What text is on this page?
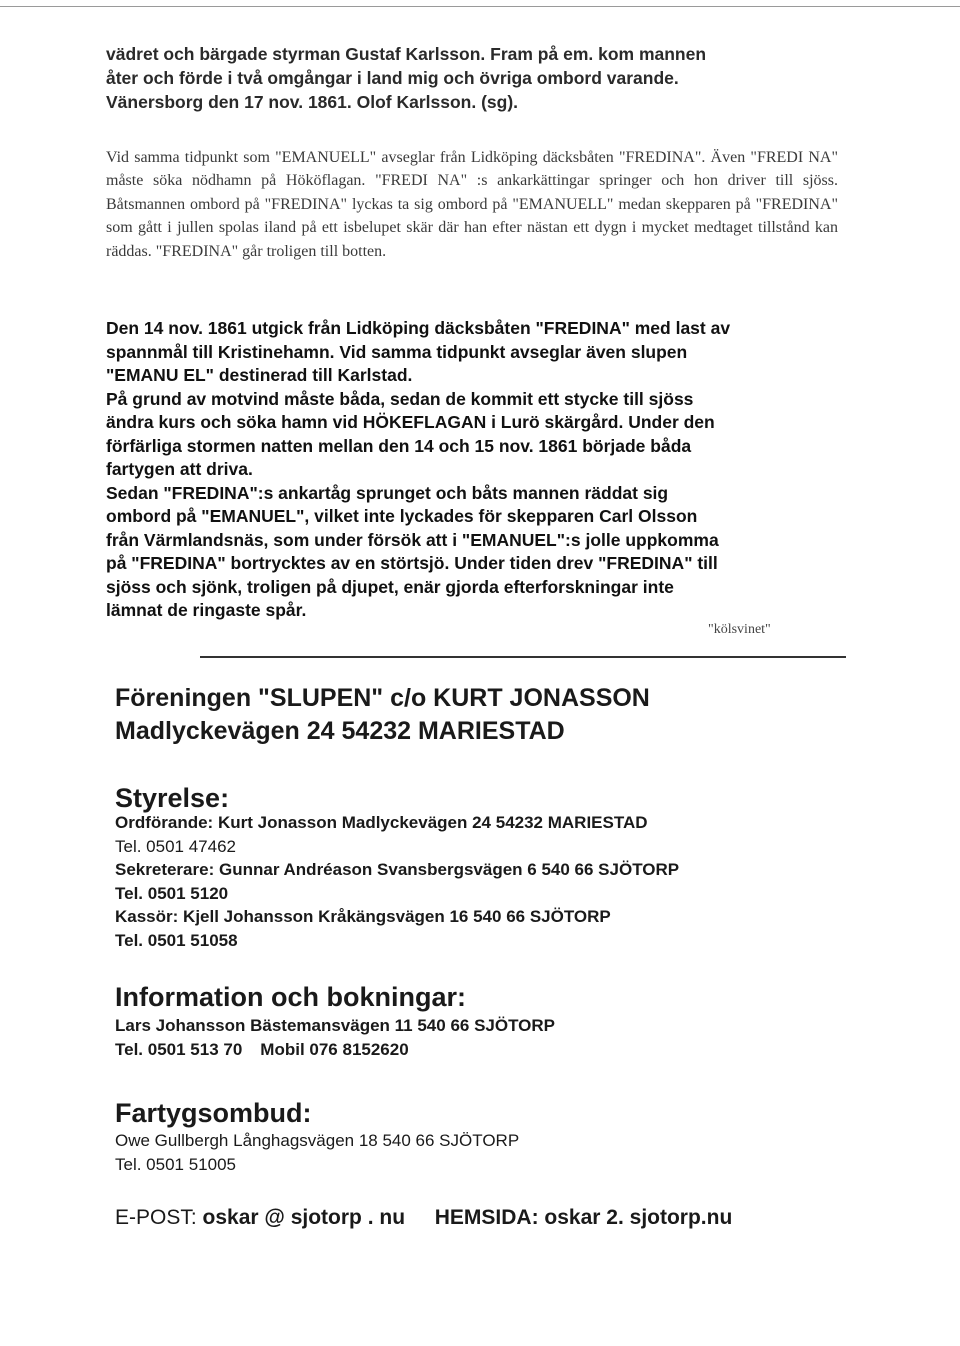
vädret och bärgade styrman Gustaf Karlsson. Fram på em. kom mannen
åter och förde i två omgångar i land mig och övriga ombord varande.
Vänersborg den 17 nov. 1861. Olof Karlsson. (sg).

Vid samma tidpunkt som "EMANUELL" avseglar från Lidköping däcksbåten "FREDINA". Även "FREDI NA" måste söka nödhamn på Hököflagan. "FREDI NA" :s ankarkättingar springer och hon driver till sjöss. Båtsmannen ombord på "FREDINA" lyckas ta sig ombord på "EMANUELL" medan skepparen på "FREDINA" som gått i jullen spolas iland på ett isbelupet skär där han efter nästan ett dygn i mycket medtaget tillstånd kan räddas. "FREDINA" går troligen till botten.

Den 14 nov. 1861 utgick från Lidköping däcksbåten "FREDINA" med last av
spannmål till Kristinehamn. Vid samma tidpunkt avseglar även slupen
"EMANU EL" destinerad till Karlstad.
På grund av motvind måste båda, sedan de kommit ett stycke till sjöss
ändra kurs och söka hamn vid HÖKEFLAGAN i Lurö skärgård. Under den
förfärliga stormen natten mellan den 14 och 15 nov. 1861 började båda
fartygen att driva.
Sedan "FREDINA":s ankartåg sprunget och båts mannen räddat sig
ombord på "EMANUEL", vilket inte lyckades för skepparen Carl Olsson
från Värmlandsnäs, som under försök att i "EMANUEL":s jolle uppkomma
på "FREDINA" bortrycktes av en störtsjö. Under tiden drev "FREDINA" till
sjöss och sjönk, troligen på djupet, enär gjorda efterforskningar inte
lämnat de ringaste spår.
"kölsvinet"
Föreningen "SLUPEN" c/o KURT JONASSON
Madlyckevägen 24 54232 MARIESTAD
Styrelse:
Ordförande: Kurt Jonasson Madlyckevägen 24 54232 MARIESTAD
Tel. 0501 47462
Sekreterare: Gunnar Andréason Svansbergsvägen 6 540 66 SJÖTORP
Tel. 0501 5120
Kassör: Kjell Johansson Kråkängsvägen 16 540 66 SJÖTORP
Tel. 0501 51058
Information och bokningar:
Lars Johansson Bästemansvägen 11 540 66 SJÖTORP
Tel. 0501 513 70 Mobil 076 8152620
Fartygsombud:
Owe Gullbergh Långhagsvägen 18 540 66 SJÖTORP
Tel. 0501 51005
E-POST: oskar @ sjotorp . nu HEMSIDA: oskar 2. sjotorp.nu
